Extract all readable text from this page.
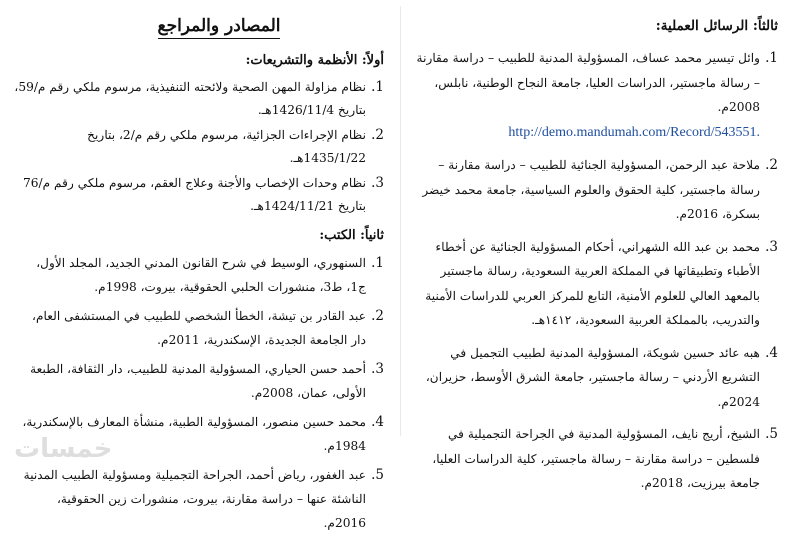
ثالثاً: الرسائل العملية:
1.
وائل تيسير محمد عساف، المسؤولية المدنية للطبيب – دراسة مقارنة – رسالة ماجستير، الدراسات العليا، جامعة النجاح الوطنية، نابلس، 2008م.
http://demo.mandumah.com/Record/543551.
2.
ملاحة عبد الرحمن، المسؤولية الجنائية للطبيب – دراسة مقارنة – رسالة ماجستير، كلية الحقوق والعلوم السياسية، جامعة محمد خيضر بسكرة، 2016م.
3.
محمد بن عبد الله الشهراني، أحكام المسؤولية الجنائية عن أخطاء الأطباء وتطبيقاتها في المملكة العربية السعودية، رسالة ماجستير بالمعهد العالي للعلوم الأمنية، التابع للمركز العربي للدراسات الأمنية والتدريب، بالمملكة العربية السعودية، ١٤١٢هـ.
4.
هبه عائد حسين شويكة، المسؤولية المدنية لطبيب التجميل في التشريع الأردني – رسالة ماجستير، جامعة الشرق الأوسط، حزيران، 2024م.
5.
الشيخ، أريج نايف، المسؤولية المدنية في الجراحة التجميلية في فلسطين – دراسة مقارنة – رسالة ماجستير، كلية الدراسات العليا، جامعة بيرزيت، 2018م.
المصادر والمراجع
أولاً: الأنظمة والتشريعات:
1.
نظام مزاولة المهن الصحية ولائحته التنفيذية، مرسوم ملكي رقم م/59، بتاريخ 1426/11/4هـ.
2.
نظام الإجراءات الجزائية، مرسوم ملكي رقم م/2، بتاريخ 1435/1/22هـ.
3.
نظام وحدات الإخصاب والأجنة وعلاج العقم، مرسوم ملكي رقم م/76 بتاريخ 1424/11/21هـ.
ثانياً: الكتب:
1.
السنهوري، الوسيط في شرح القانون المدني الجديد، المجلد الأول، ج1، ط3، منشورات الحلبي الحقوقية، بيروت، 1998م.
2.
عبد القادر بن تيشة، الخطأ الشخصي للطبيب في المستشفى العام، دار الجامعة الجديدة، الإسكندرية، 2011م.
3.
أحمد حسن الحياري، المسؤولية المدنية للطبيب، دار الثقافة، الطبعة الأولى، عمان، 2008م.
4.
محمد حسين منصور، المسؤولية الطبية، منشأة المعارف بالإسكندرية، 1984م.
5.
عبد الغفور، رياض أحمد، الجراحة التجميلية ومسؤولية الطبيب المدنية الناشئة عنها – دراسة مقارنة، بيروت، منشورات زين الحقوقية، 2016م.
خمسات
